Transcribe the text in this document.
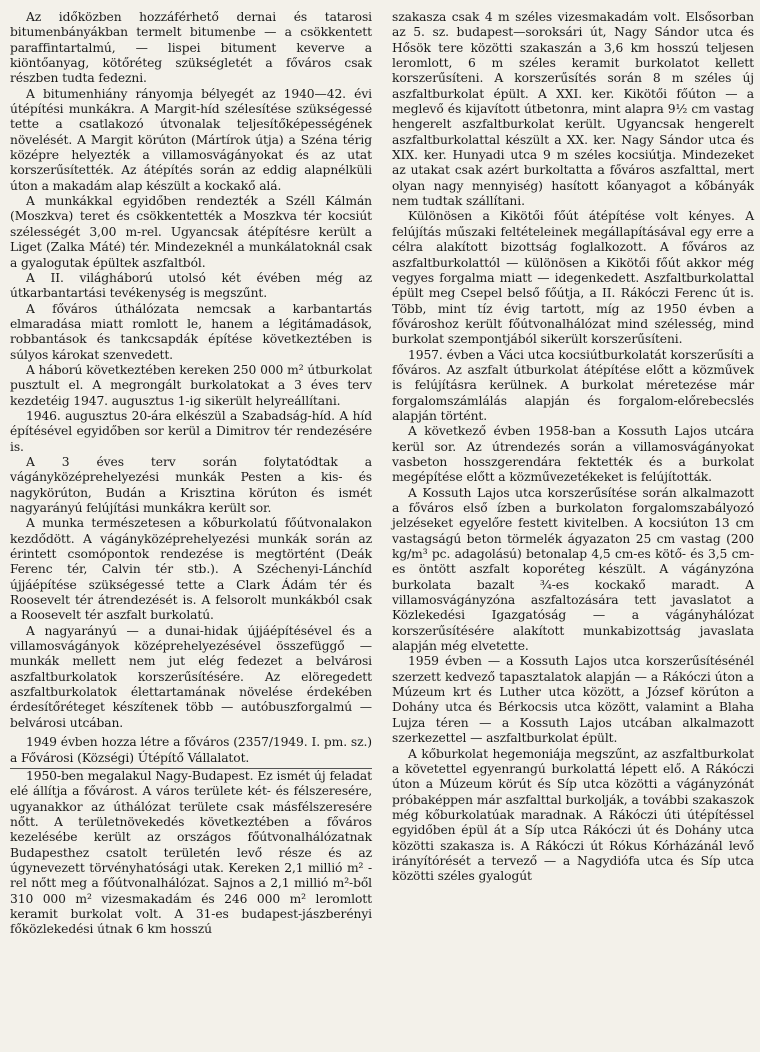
Az időközben hozzáférhető dernai és tatarosi bitumenbányákban termelt bitumenbe — a csökkentett paraffintartalmú, — lispei bitument keverve a kiöntőanyag, kötőréteg szükségletét a főváros csak részben tudta fedezni.

A bitumenhiány rányomja bélyegét az 1940—42. évi útépítési munkákra. A Margit-híd szélesítése szükségessé tette a csatlakozó útvonalak teljesítőképességének növelését. A Margit körúton (Mártírok útja) a Széna térig középre helyezték a villamosvágányokat és az utat korszerűsítették. Az átépítés során az eddig alapnélküli úton a makadám alap készült a kockakő alá.

A munkákkal egyidőben rendezték a Széll Kálmán (Moszkva) teret és csökkentették a Moszkva tér kocsiút szélességét 3,00 m-rel. Ugyancsak átépítésre került a Liget (Zalka Máté) tér. Mindezeknél a munkálatoknál csak a gyalogutak épültek aszfaltból.

A II. világháború utolsó két évében még az útkarbantartási tevékenység is megszűnt.

A főváros úthálózata nemcsak a karbantartás elmaradása miatt romlott le, hanem a légitámadások, robbantások és tankcsapdák építése következtében is súlyos károkat szenvedett.

A háború következtében kereken 250 000 m² útburkolat pusztult el. A megrongált burkolatokat a 3 éves terv kezdetéig 1947. augusztus 1-ig sikerült helyreállítani.

1946. augusztus 20-ára elkészül a Szabadság-híd. A híd építésével egyidőben sor kerül a Dimitrov tér rendezésére is.

A 3 éves terv során folytatódtak a vágányközéprehelyezési munkák Pesten a kis- és nagykörúton, Budán a Krisztina körúton és ismét nagyarányú felújítási munkákra került sor.

A munka természetesen a kőburkolatú főútvonalakon kezdődött. A vágányközéprehelyezési munkák során az érintett csomópontok rendezése is megtörtént (Deák Ferenc tér, Calvin tér stb.). A Széchenyi-Lánchíd újjáépítése szükségessé tette a Clark Ádám tér és Roosevelt tér átrendezését is. A felsorolt munkákból csak a Roosevelt tér aszfalt burkolatú.

A nagyarányú — a dunai-hidak újjáépítésével és a villamosvágányok középrehelyezésével összefüggő — munkák mellett nem jut elég fedezet a belvárosi aszfaltburkolatok korszerűsítésére. Az elöregedett aszfaltburkolatok élettartamának növelése érdekében érdesítőréteget készítenek több — autóbuszforgalmú — belvárosi utcában.

1949 évben hozza létre a főváros (2357/1949. I. pm. sz.) a Fővárosi (Községi) Útépítő Vállalatot.

1950-ben megalakul Nagy-Budapest. Ez ismét új feladat elé állítja a fővárost. A város területe két- és félszeresére, ugyanakkor az úthálózat területe csak másfélszeresére nőtt. A területnövekedés következtében a főváros kezelésébe került az országos főútvonalhálózatnak Budapesthez csatolt területén levő része és az úgynevezett törvényhatósági utak. Kereken 2,1 millió m² -rel nőtt meg a főútvonalhálózat. Sajnos a 2,1 millió m²-ből 310 000 m² vizesmakadám és 246 000 m² leromlott keramit burkolat volt. A 31-es budapest-jászberényi főközlekedési útnak 6 km hosszú

szakasza csak 4 m széles vizesmakadám volt. Elsősorban az 5. sz. budapest—soroksári út, Nagy Sándor utca és Hősök tere közötti szakaszán a 3,6 km hosszú teljesen leromlott, 6 m széles keramit burkolatot kellett korszerűsíteni. A korszerűsítés során 8 m széles új aszfaltburkolat épült. A XXI. ker. Kikötői főúton — a meglevő és kijavított útbetonra, mint alapra 9½ cm vastag hengerelt aszfaltburkolat került. Ugyancsak hengerelt aszfaltburkolattal készült a XX. ker. Nagy Sándor utca és XIX. ker. Hunyadi utca 9 m széles kocsiútja. Mindezeket az utakat csak azért burkoltatta a főváros aszfalttal, mert olyan nagy mennyiség) hasított kőanyagot a kőbányák nem tudtak szállítani.

Különösen a Kikötői főút átépítése volt kényes. A felújítás műszaki feltételeinek megállapításával egy erre a célra alakított bizottság foglalkozott. A főváros az aszfaltburkolattól — különösen a Kikötői főút akkor még vegyes forgalma miatt — idegenkedett. Aszfaltburkolattal épült meg Csepel belső főútja, a II. Rákóczi Ferenc út is. Több, mint tíz évig tartott, míg az 1950 évben a fővároshoz került főútvonalhálózat mind szélesség, mind burkolat szempontjából sikerült korszerűsíteni.

1957. évben a Váci utca kocsiútburkolatát korszerűsíti a főváros. Az aszfalt útburkolat átépítése előtt a közművek is felújításra kerülnek. A burkolat méretezése már forgalomszámlálás alapján és forgalom-előrebecslés alapján történt.

A következő évben 1958-ban a Kossuth Lajos utcára kerül sor. Az útrendezés során a villamosvágányokat vasbeton hosszgerendára fektették és a burkolat megépítése előtt a közművezetékeket is felújították.

A Kossuth Lajos utca korszerűsítése során alkalmazott a főváros első ízben a burkolaton forgalomszabályozó jelzéseket egyelőre festett kivitelben. A kocsiúton 13 cm vastagságú beton törmelék ágyazaton 25 cm vastag (200 kg/m³ pc. adagolású) betonalap 4,5 cm-es kötő- és 3,5 cm-es öntött aszfalt koporéteg készült. A vágányzóna burkolata bazalt ¾-es kockakő maradt. A villamosvágányzóna aszfaltozására tett javaslatot a Közlekedési Igazgatóság — a vágányhálózat korszerűsítésére alakított munkabizottság javaslata alapján még elvetette.

1959 évben — a Kossuth Lajos utca korszerűsítésénél szerzett kedvező tapasztalatok alapján — a Rákóczi úton a Múzeum krt és Luther utca között, a József körúton a Dohány utca és Bérkocsis utca között, valamint a Blaha Lujza téren — a Kossuth Lajos utcában alkalmazott szerkezettel — aszfaltburkolat épült.

A kőburkolat hegemoniája megszűnt, az aszfaltburkolat a követettel egyenrangú burkolattá lépett elő. A Rákóczi úton a Múzeum körút és Síp utca közötti a vágányzónát próbaképpen már aszfalttal burkolják, a további szakaszok még kőburkolatúak maradnak. A Rákóczi úti útépítéssel egyidőben épül át a Síp utca Rákóczi út és Dohány utca közötti szakasza is. A Rákóczi út Rókus Kórházánál levő irányítórését a tervező — a Nagydiófa utca és Síp utca közötti széles gyalogút
